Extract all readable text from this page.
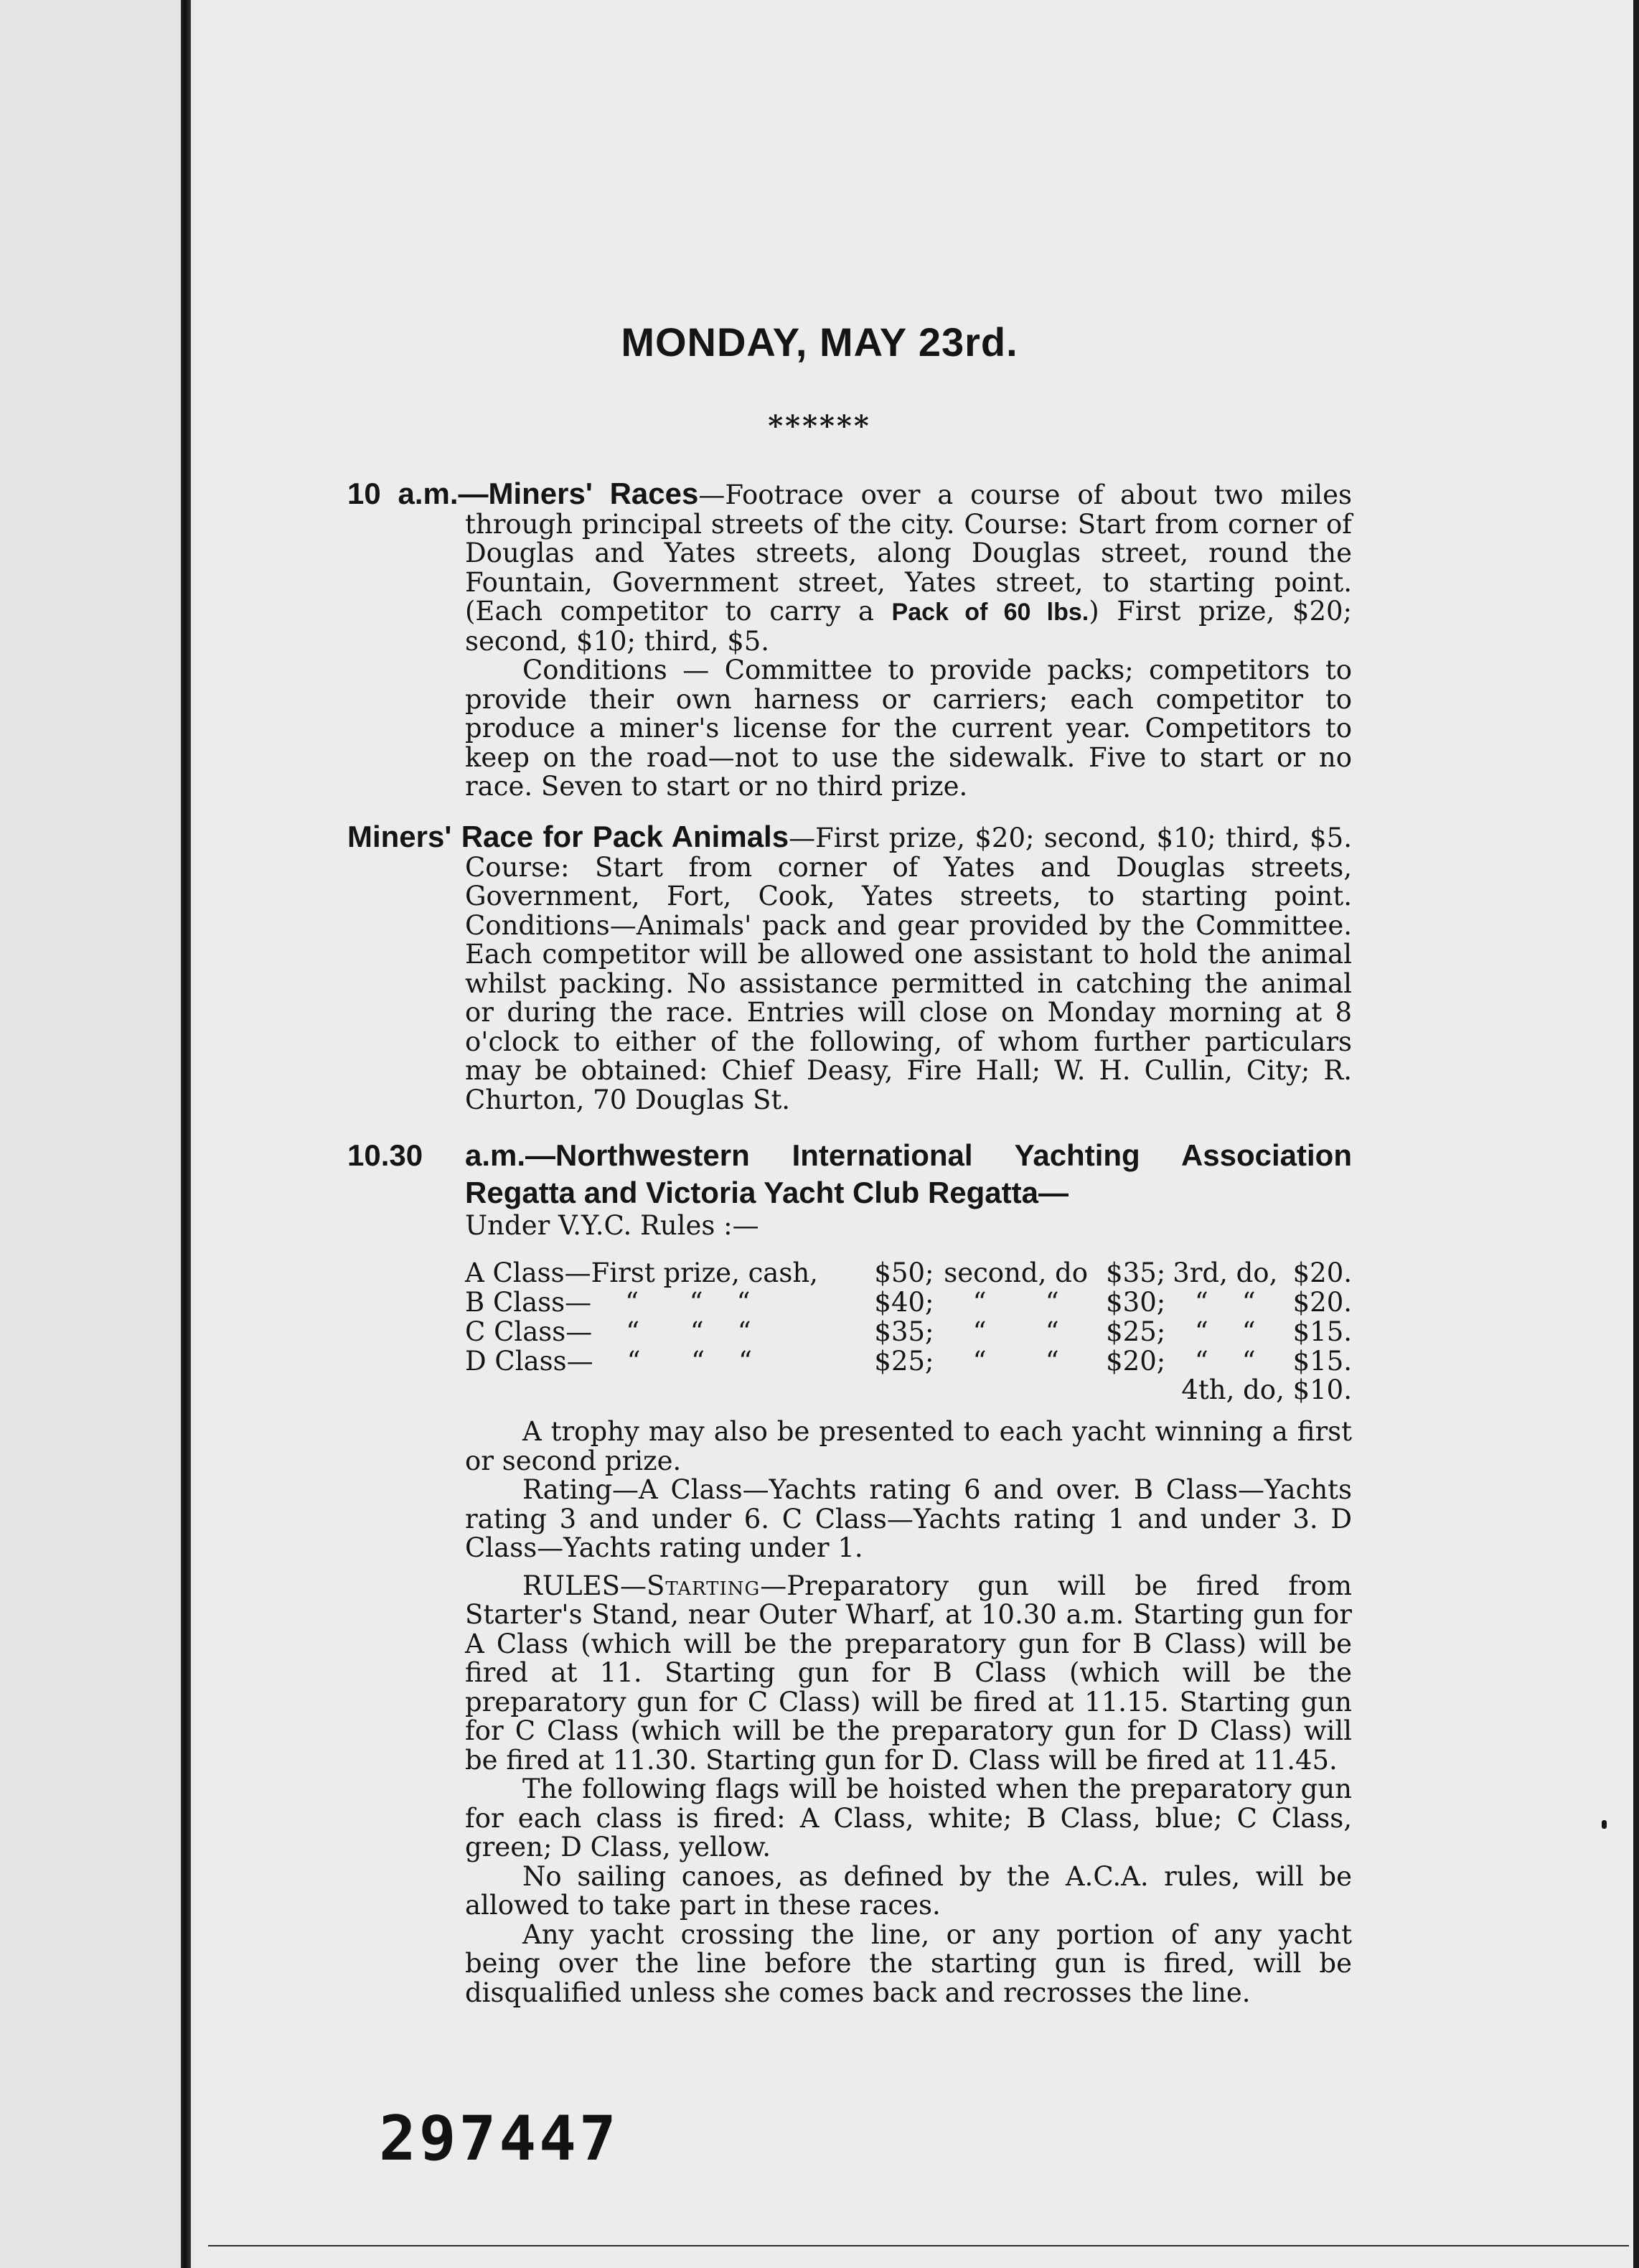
MONDAY, MAY 23rd.
******

10 a.m.—Miners' Races—Footrace over a course of about two miles through principal streets of the city. Course: Start from corner of Douglas and Yates streets, along Douglas street, round the Fountain, Government street, Yates street, to starting point. (Each competitor to carry a Pack of 60 lbs.) First prize, $20; second, $10; third, $5.

Conditions — Committee to provide packs; competitors to provide their own harness or carriers; each competitor to produce a miner's license for the current year. Competitors to keep on the road—not to use the sidewalk. Five to start or no race. Seven to start or no third prize.

Miners' Race for Pack Animals—First prize, $20; second, $10; third, $5. Course: Start from corner of Yates and Douglas streets, Government, Fort, Cook, Yates streets, to starting point. Conditions—Animals' pack and gear provided by the Committee. Each competitor will be allowed one assistant to hold the animal whilst packing. No assistance permitted in catching the animal or during the race. Entries will close on Monday morning at 8 o'clock to either of the following, of whom further particulars may be obtained: Chief Deasy, Fire Hall; W. H. Cullin, City; R. Churton, 70 Douglas St.

10.30 a.m.—Northwestern International Yachting Association Regatta and Victoria Yacht Club Regatta—

Under V.Y.C. Rules :—

A Class—First prize, cash,	$50;	second, do	$35;	3rd, do,	$20.
B Class—    “      “    “	$40;	“       “	$30;	“    “	$20.
C Class—    “      “    “	$35;	“       “	$25;	“    “	$15.
D Class—    “      “    “	$25;	“       “	$20;	“    “	$15.

4th, do, $10.

A trophy may also be presented to each yacht winning a first or second prize.

Rating—A Class—Yachts rating 6 and over. B Class—Yachts rating 3 and under 6. C Class—Yachts rating 1 and under 3. D Class—Yachts rating under 1.

RULES—Starting—Preparatory gun will be fired from Starter's Stand, near Outer Wharf, at 10.30 a.m. Starting gun for A Class (which will be the preparatory gun for B Class) will be fired at 11. Starting gun for B Class (which will be the preparatory gun for C Class) will be fired at 11.15. Starting gun for C Class (which will be the preparatory gun for D Class) will be fired at 11.30. Starting gun for D. Class will be fired at 11.45.

The following flags will be hoisted when the preparatory gun for each class is fired: A Class, white; B Class, blue; C Class, green; D Class, yellow.

No sailing canoes, as defined by the A.C.A. rules, will be allowed to take part in these races.

Any yacht crossing the line, or any portion of any yacht being over the line before the starting gun is fired, will be disqualified unless she comes back and recrosses the line.

297447
